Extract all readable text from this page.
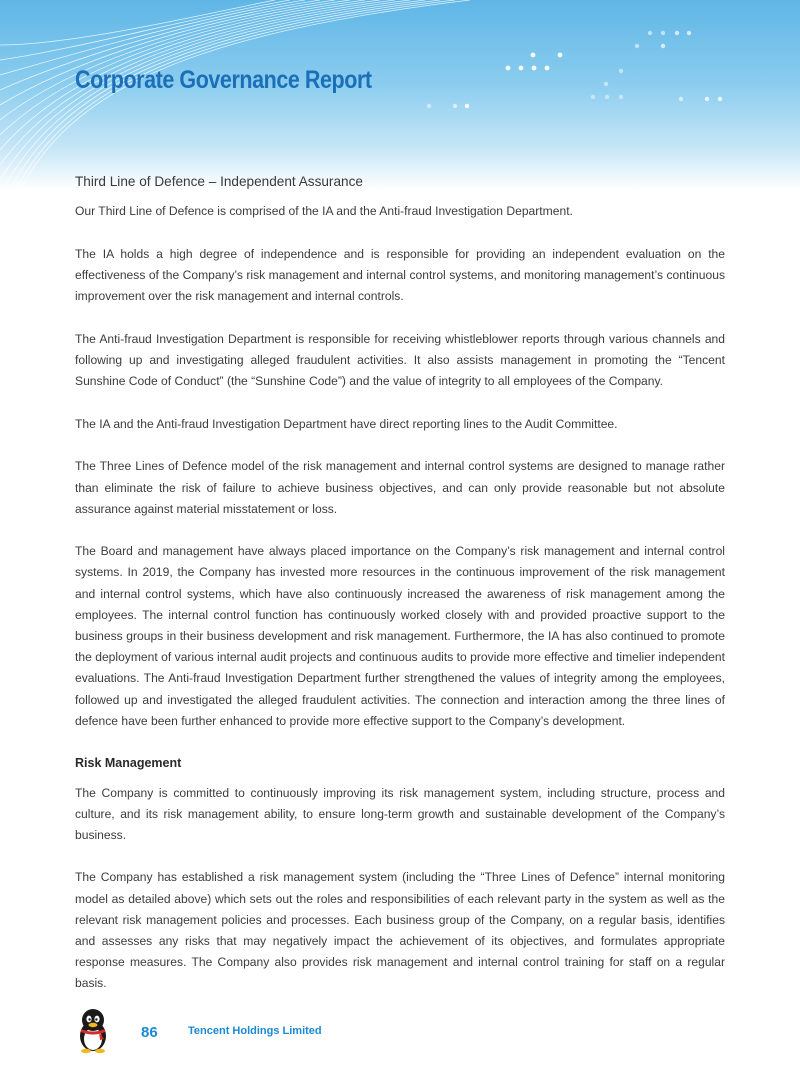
Corporate Governance Report

Third Line of Defence – Independent Assurance

Our Third Line of Defence is comprised of the IA and the Anti-fraud Investigation Department.

The IA holds a high degree of independence and is responsible for providing an independent evaluation on the effectiveness of the Company’s risk management and internal control systems, and monitoring management’s continuous improvement over the risk management and internal controls.

The Anti-fraud Investigation Department is responsible for receiving whistleblower reports through various channels and following up and investigating alleged fraudulent activities. It also assists management in promoting the “Tencent Sunshine Code of Conduct” (the “Sunshine Code”) and the value of integrity to all employees of the Company.

The IA and the Anti-fraud Investigation Department have direct reporting lines to the Audit Committee.

The Three Lines of Defence model of the risk management and internal control systems are designed to manage rather than eliminate the risk of failure to achieve business objectives, and can only provide reasonable but not absolute assurance against material misstatement or loss.

The Board and management have always placed importance on the Company’s risk management and internal control systems. In 2019, the Company has invested more resources in the continuous improvement of the risk management and internal control systems, which have also continuously increased the awareness of risk management among the employees. The internal control function has continuously worked closely with and provided proactive support to the business groups in their business development and risk management. Furthermore, the IA has also continued to promote the deployment of various internal audit projects and continuous audits to provide more effective and timelier independent evaluations. The Anti-fraud Investigation Department further strengthened the values of integrity among the employees, followed up and investigated the alleged fraudulent activities. The connection and interaction among the three lines of defence have been further enhanced to provide more effective support to the Company’s development.

Risk Management

The Company is committed to continuously improving its risk management system, including structure, process and culture, and its risk management ability, to ensure long-term growth and sustainable development of the Company’s business.

The Company has established a risk management system (including the “Three Lines of Defence” internal monitoring model as detailed above) which sets out the roles and responsibilities of each relevant party in the system as well as the relevant risk management policies and processes. Each business group of the Company, on a regular basis, identifies and assesses any risks that may negatively impact the achievement of its objectives, and formulates appropriate response measures. The Company also provides risk management and internal control training for staff on a regular basis.

86	Tencent Holdings Limited
